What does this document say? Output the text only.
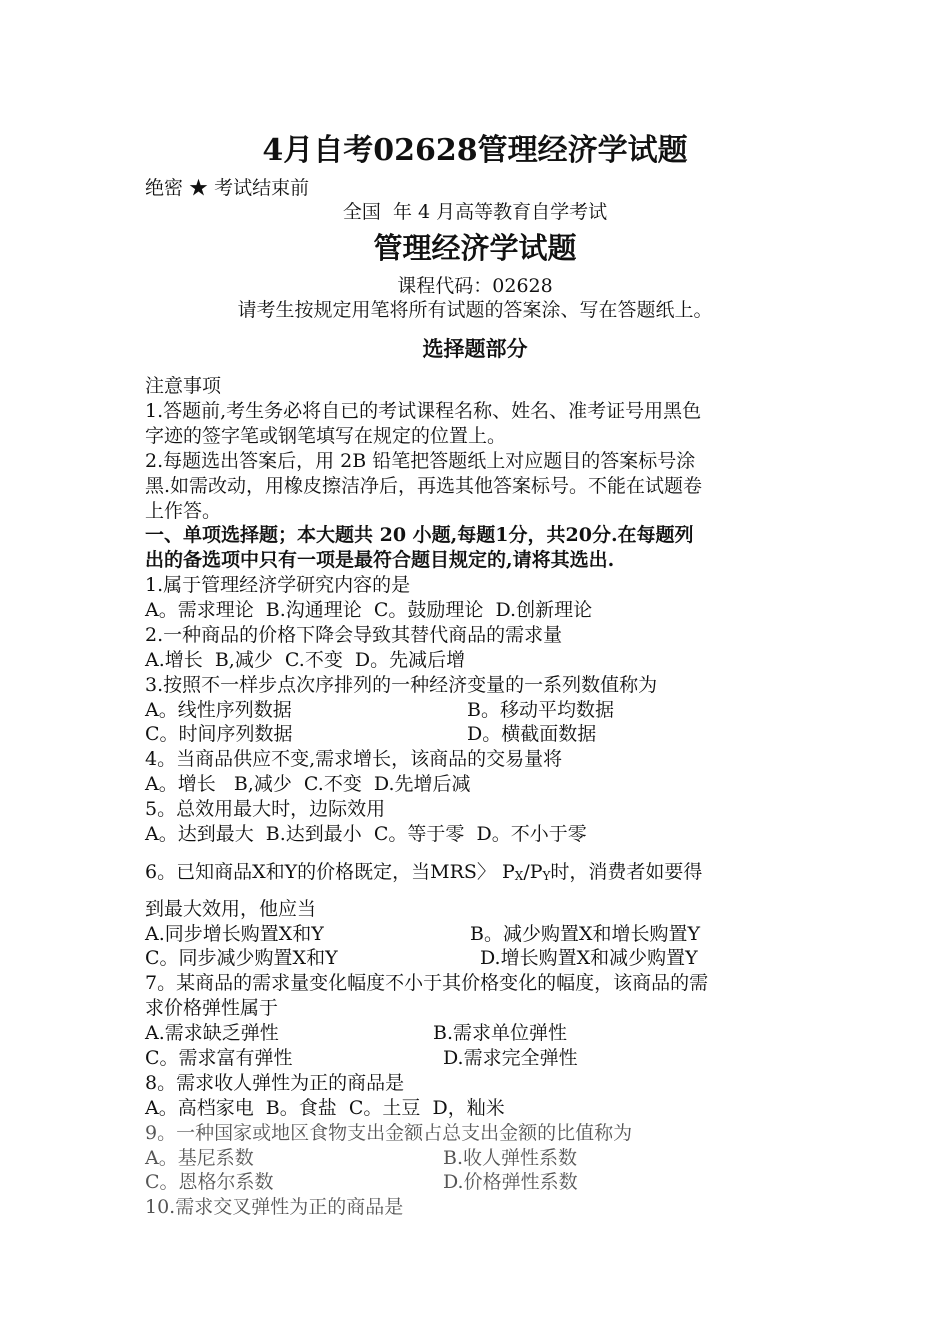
4月自考02628管理经济学试题
绝密 ★ 考试结束前
全国  年 4 月高等教育自学考试
管理经济学试题
课程代码：02628
请考生按规定用笔将所有试题的答案涂、写在答题纸上。
选择题部分
注意事项
1.答题前,考生务必将自已的考试课程名称、姓名、准考证号用黑色
字迹的签字笔或钢笔填写在规定的位置上。
2.每题选出答案后，用 2B 铅笔把答题纸上对应题目的答案标号涂
黑.如需改动，用橡皮擦洁净后，再选其他答案标号。不能在试题卷
上作答。
一、单项选择题；本大题共 20 小题,每题1分，共20分.在每题列
出的备选项中只有一项是最符合题目规定的,请将其选出.
1.属于管理经济学研究内容的是
A。需求理论  B.沟通理论  C。鼓励理论  D.创新理论
2.一种商品的价格下降会导致其替代商品的需求量
A.增长  B,减少  C.不变  D。先减后增
3.按照不一样步点次序排列的一种经济变量的一系列数值称为
A。线性序列数据	B。移动平均数据
C。时间序列数据	D。横截面数据
4。当商品供应不变,需求增长，该商品的交易量将
A。增长   B,减少  C.不变  D.先增后减
5。总效用最大时，边际效用
A。达到最大  B.达到最小  C。等于零  D。不小于零
6。已知商品X和Y的价格既定，当MRS〉 $P_X/P_Y$时，消费者如要得
到最大效用，他应当
A.同步增长购置X和Y	B。减少购置X和增长购置Y
C。同步减少购置X和Y	D.增长购置X和减少购置Y
7。某商品的需求量变化幅度不小于其价格变化的幅度，该商品的需
求价格弹性属于
A.需求缺乏弹性	B.需求单位弹性
C。需求富有弹性	D.需求完全弹性
8。需求收人弹性为正的商品是
A。高档家电  B。食盐  C。土豆  D，籼米
9。一种国家或地区食物支出金额占总支出金额的比值称为
A。基尼系数	B.收人弹性系数
C。恩格尔系数	D.价格弹性系数
10.需求交叉弹性为正的商品是
